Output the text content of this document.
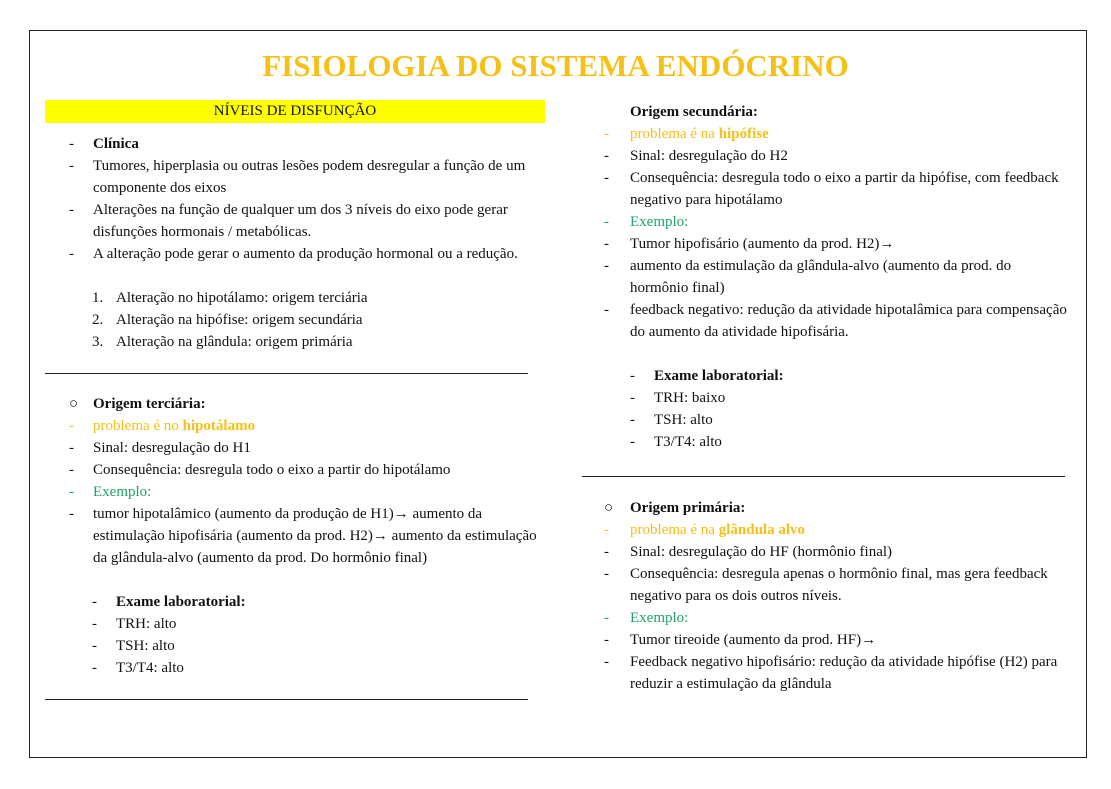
FISIOLOGIA DO SISTEMA ENDÓCRINO
NÍVEIS DE DISFUNÇÃO
- Clínica
- Tumores, hiperplasia ou outras lesões podem desregular a função de um componente dos eixos
- Alterações na função de qualquer um dos 3 níveis do eixo pode gerar disfunções hormonais / metabólicas.
- A alteração pode gerar o aumento da produção hormonal ou a redução.
1. Alteração no hipotálamo: origem terciária
2. Alteração na hipófise: origem secundária
3. Alteração na glândula: origem primária
○ Origem terciária:
- problema é no hipotálamo
- Sinal: desregulação do H1
- Consequência: desregula todo o eixo a partir do hipotálamo
- Exemplo:
- tumor hipotalâmico (aumento da produção de H1)→ aumento da estimulação hipofisária (aumento da prod. H2)→ aumento da estimulação da glândula-alvo (aumento da prod. Do hormônio final)
- Exame laboratorial:
- TRH: alto
- TSH: alto
- T3/T4: alto
Origem secundária:
- problema é na hipófise
- Sinal: desregulação do H2
- Consequência: desregula todo o eixo a partir da hipófise, com feedback negativo para hipotálamo
- Exemplo:
- Tumor hipofisário (aumento da prod. H2)→
- aumento da estimulação da glândula-alvo (aumento da prod. do hormônio final)
- feedback negativo: redução da atividade hipotalâmica para compensação do aumento da atividade hipofisária.
- Exame laboratorial:
- TRH: baixo
- TSH: alto
- T3/T4: alto
○ Origem primária:
- problema é na glândula alvo
- Sinal: desregulação do HF (hormônio final)
- Consequência: desregula apenas o hormônio final, mas gera feedback negativo para os dois outros níveis.
- Exemplo:
- Tumor tireoide (aumento da prod. HF)→
- Feedback negativo hipofisário: redução da atividade hipófise (H2) para reduzir a estimulação da glândula
